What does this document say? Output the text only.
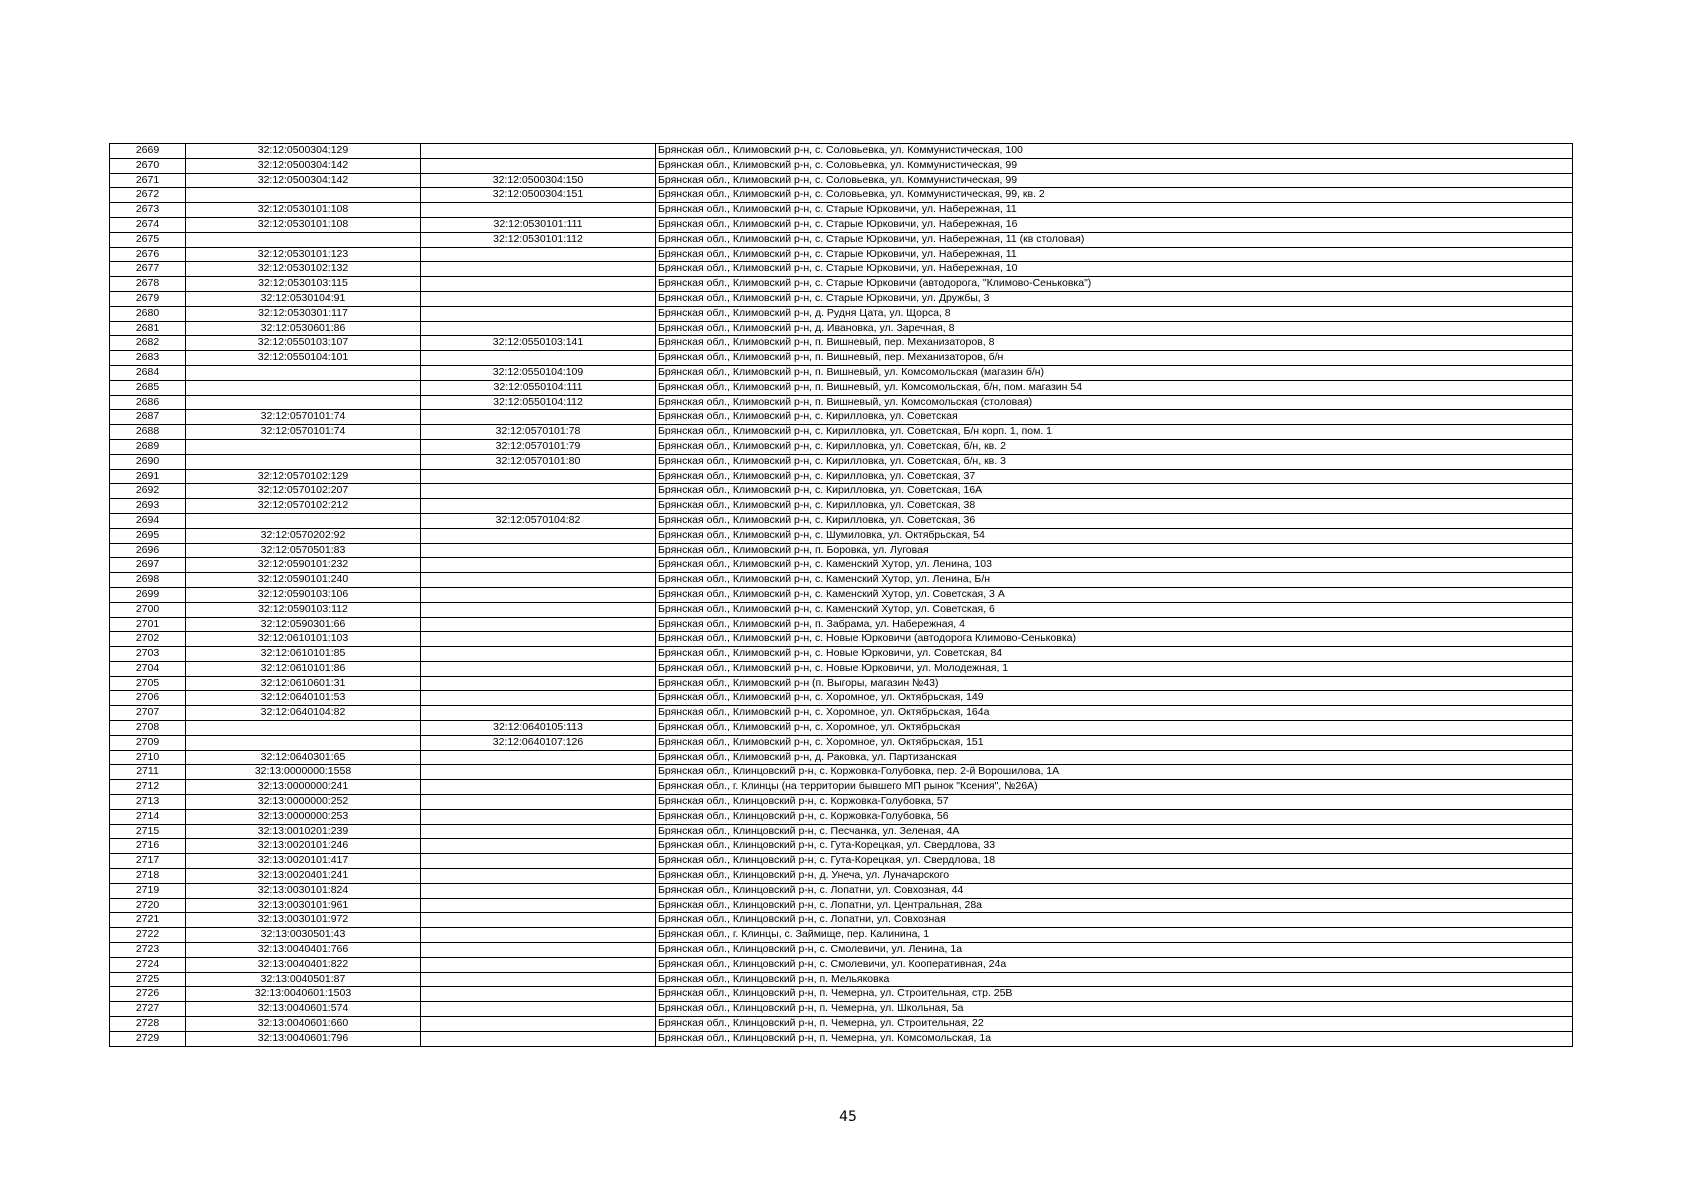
2669	32:12:0500304:129		Брянская обл., Климовский р-н, с. Соловьевка, ул. Коммунистическая, 100
2670	32:12:0500304:142		Брянская обл., Климовский р-н, с. Соловьевка, ул. Коммунистическая, 99
2671	32:12:0500304:142	32:12:0500304:150	Брянская обл., Климовский р-н, с. Соловьевка, ул. Коммунистическая, 99
2672		32:12:0500304:151	Брянская обл., Климовский р-н, с. Соловьевка, ул. Коммунистическая, 99, кв. 2
2673	32:12:0530101:108		Брянская обл., Климовский р-н, с. Старые Юрковичи, ул. Набережная, 11
2674	32:12:0530101:108	32:12:0530101:111	Брянская обл., Климовский р-н, с. Старые Юрковичи, ул. Набережная, 16
2675		32:12:0530101:112	Брянская обл., Климовский р-н, с. Старые Юрковичи, ул. Набережная, 11 (кв столовая)
2676	32:12:0530101:123		Брянская обл., Климовский р-н, с. Старые Юрковичи, ул. Набережная, 11
2677	32:12:0530102:132		Брянская обл., Климовский р-н, с. Старые Юрковичи, ул. Набережная, 10
2678	32:12:0530103:115		Брянская обл., Климовский р-н, с. Старые Юрковичи (автодорога, "Климово-Сеньковка")
2679	32:12:0530104:91		Брянская обл., Климовский р-н, с. Старые Юрковичи, ул. Дружбы, 3
2680	32:12:0530301:117		Брянская обл., Климовский р-н, д. Рудня Цата, ул. Щорса, 8
2681	32:12:0530601:86		Брянская обл., Климовский р-н, д. Ивановка, ул. Заречная, 8
2682	32:12:0550103:107	32:12:0550103:141	Брянская обл., Климовский р-н, п. Вишневый, пер. Механизаторов, 8
2683	32:12:0550104:101		Брянская обл., Климовский р-н, п. Вишневый, пер. Механизаторов, б/н
2684		32:12:0550104:109	Брянская обл., Климовский р-н, п. Вишневый, ул. Комсомольская (магазин б/н)
2685		32:12:0550104:111	Брянская обл., Климовский р-н, п. Вишневый, ул. Комсомольская, б/н, пом. магазин 54
2686		32:12:0550104:112	Брянская обл., Климовский р-н, п. Вишневый, ул. Комсомольская (столовая)
2687	32:12:0570101:74		Брянская обл., Климовский р-н, с. Кирилловка, ул. Советская
2688	32:12:0570101:74	32:12:0570101:78	Брянская обл., Климовский р-н, с. Кирилловка, ул. Советская, Б/н корп. 1, пом. 1
2689		32:12:0570101:79	Брянская обл., Климовский р-н, с. Кирилловка, ул. Советская, б/н, кв. 2
2690		32:12:0570101:80	Брянская обл., Климовский р-н, с. Кирилловка, ул. Советская, б/н, кв. 3
2691	32:12:0570102:129		Брянская обл., Климовский р-н, с. Кирилловка, ул. Советская, 37
2692	32:12:0570102:207		Брянская обл., Климовский р-н, с. Кирилловка, ул. Советская, 16А
2693	32:12:0570102:212		Брянская обл., Климовский р-н, с. Кирилловка, ул. Советская, 38
2694		32:12:0570104:82	Брянская обл., Климовский р-н, с. Кирилловка, ул. Советская, 36
2695	32:12:0570202:92		Брянская обл., Климовский р-н, с. Шумиловка, ул. Октябрьская, 54
2696	32:12:0570501:83		Брянская обл., Климовский р-н, п. Боровка, ул. Луговая
2697	32:12:0590101:232		Брянская обл., Климовский р-н, с. Каменский Хутор, ул. Ленина, 103
2698	32:12:0590101:240		Брянская обл., Климовский р-н, с. Каменский Хутор, ул. Ленина, Б/н
2699	32:12:0590103:106		Брянская обл., Климовский р-н, с. Каменский Хутор, ул. Советская, 3 А
2700	32:12:0590103:112		Брянская обл., Климовский р-н, с. Каменский Хутор, ул. Советская, 6
2701	32:12:0590301:66		Брянская обл., Климовский р-н, п. Забрама, ул. Набережная, 4
2702	32:12:0610101:103		Брянская обл., Климовский р-н, с. Новые Юрковичи (автодорога Климово-Сеньковка)
2703	32:12:0610101:85		Брянская обл., Климовский р-н, с. Новые Юрковичи, ул. Советская, 84
2704	32:12:0610101:86		Брянская обл., Климовский р-н, с. Новые Юрковичи, ул. Молодежная, 1
2705	32:12:0610601:31		Брянская обл., Климовский р-н (п. Выгоры, магазин №43)
2706	32:12:0640101:53		Брянская обл., Климовский р-н, с. Хоромное, ул. Октябрьская, 149
2707	32:12:0640104:82		Брянская обл., Климовский р-н, с. Хоромное, ул. Октябрьская, 164а
2708		32:12:0640105:113	Брянская обл., Климовский р-н, с. Хоромное, ул. Октябрьская
2709		32:12:0640107:126	Брянская обл., Климовский р-н, с. Хоромное, ул. Октябрьская, 151
2710	32:12:0640301:65		Брянская обл., Климовский р-н, д. Раковка, ул. Партизанская
2711	32:13:0000000:1558		Брянская обл., Клинцовский р-н, с. Коржовка-Голубовка, пер. 2-й Ворошилова, 1А
2712	32:13:0000000:241		Брянская обл., г. Клинцы (на территории бывшего МП рынок "Ксения", №26А)
2713	32:13:0000000:252		Брянская обл., Клинцовский р-н, с. Коржовка-Голубовка, 57
2714	32:13:0000000:253		Брянская обл., Клинцовский р-н, с. Коржовка-Голубовка, 56
2715	32:13:0010201:239		Брянская обл., Клинцовский р-н, с. Песчанка, ул. Зеленая, 4А
2716	32:13:0020101:246		Брянская обл., Клинцовский р-н, с. Гута-Корецкая, ул. Свердлова, 33
2717	32:13:0020101:417		Брянская обл., Клинцовский р-н, с. Гута-Корецкая, ул. Свердлова, 18
2718	32:13:0020401:241		Брянская обл., Клинцовский р-н, д. Унеча, ул. Луначарского
2719	32:13:0030101:824		Брянская обл., Клинцовский р-н, с. Лопатни, ул. Совхозная, 44
2720	32:13:0030101:961		Брянская обл., Клинцовский р-н, с. Лопатни, ул. Центральная, 28а
2721	32:13:0030101:972		Брянская обл., Клинцовский р-н, с. Лопатни, ул. Совхозная
2722	32:13:0030501:43		Брянская обл., г. Клинцы, с. Займище, пер. Калинина, 1
2723	32:13:0040401:766		Брянская обл., Клинцовский р-н, с. Смолевичи, ул. Ленина, 1а
2724	32:13:0040401:822		Брянская обл., Клинцовский р-н, с. Смолевичи, ул. Кооперативная, 24а
2725	32:13:0040501:87		Брянская обл., Клинцовский р-н, п. Мельяковка
2726	32:13:0040601:1503		Брянская обл., Клинцовский р-н, п. Чемерна, ул. Строительная, стр. 25В
2727	32:13:0040601:574		Брянская обл., Клинцовский р-н, п. Чемерна, ул. Школьная, 5а
2728	32:13:0040601:660		Брянская обл., Клинцовский р-н, п. Чемерна, ул. Строительная, 22
2729	32:13:0040601:796		Брянская обл., Клинцовский р-н, п. Чемерна, ул. Комсомольская, 1а
45
